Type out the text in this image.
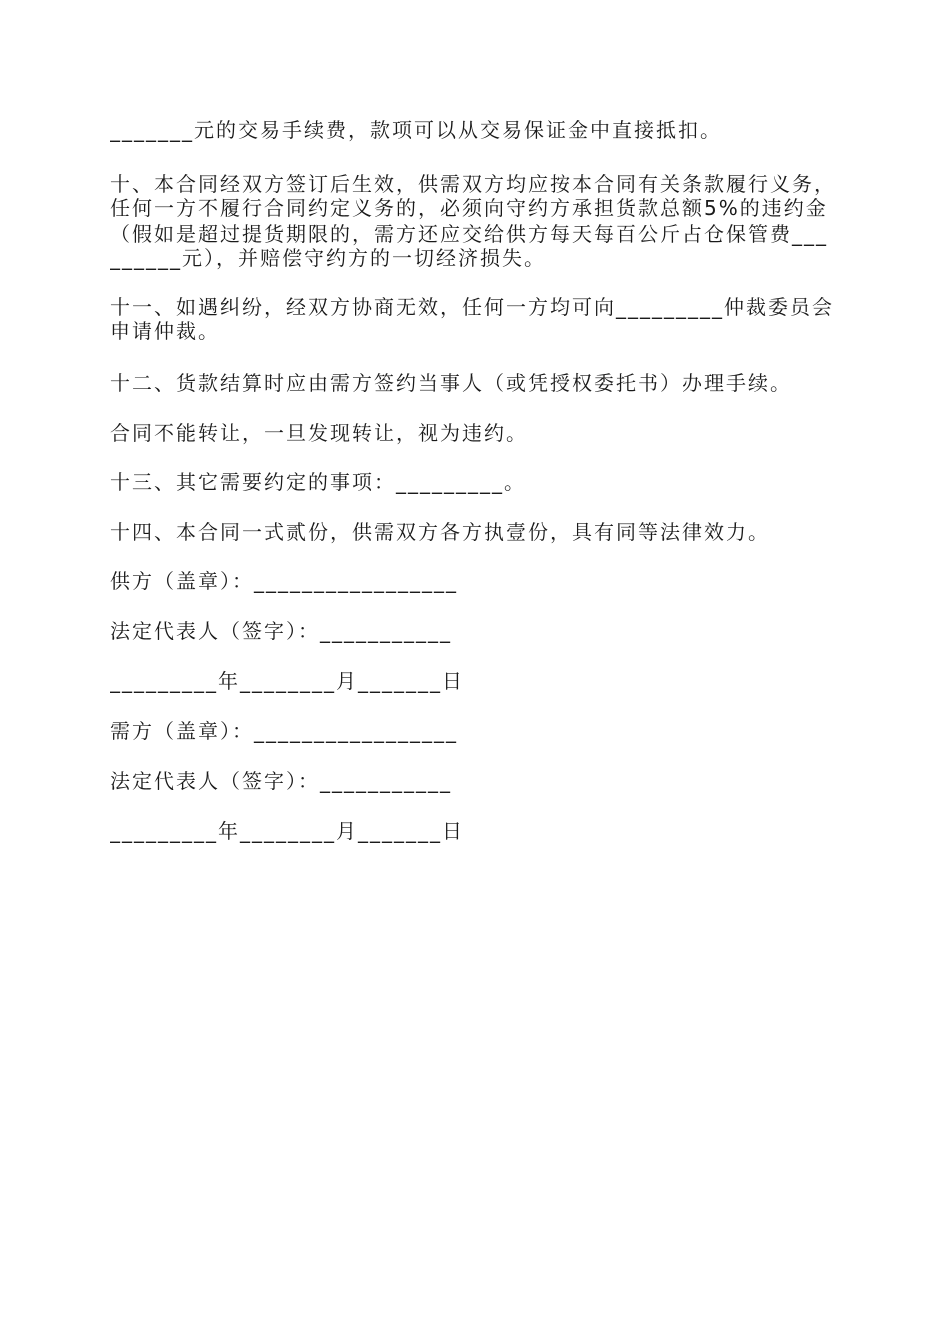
_______元的交易手续费，款项可以从交易保证金中直接抵扣。
十、本合同经双方签订后生效，供需双方均应按本合同有关条款履行义务，
任何一方不履行合同约定义务的，必须向守约方承担货款总额5%的违约金
（假如是超过提货期限的，需方还应交给供方每天每百公斤占仓保管费___
______元），并赔偿守约方的一切经济损失。
十一、如遇纠纷，经双方协商无效，任何一方均可向_________仲裁委员会
申请仲裁。
十二、货款结算时应由需方签约当事人（或凭授权委托书）办理手续。
合同不能转让，一旦发现转让，视为违约。
十三、其它需要约定的事项：_________。
十四、本合同一式贰份，供需双方各方执壹份，具有同等法律效力。
供方（盖章）：_________________
法定代表人（签字）：___________
_________年________月_______日
需方（盖章）：_________________
法定代表人（签字）：___________
_________年________月_______日
